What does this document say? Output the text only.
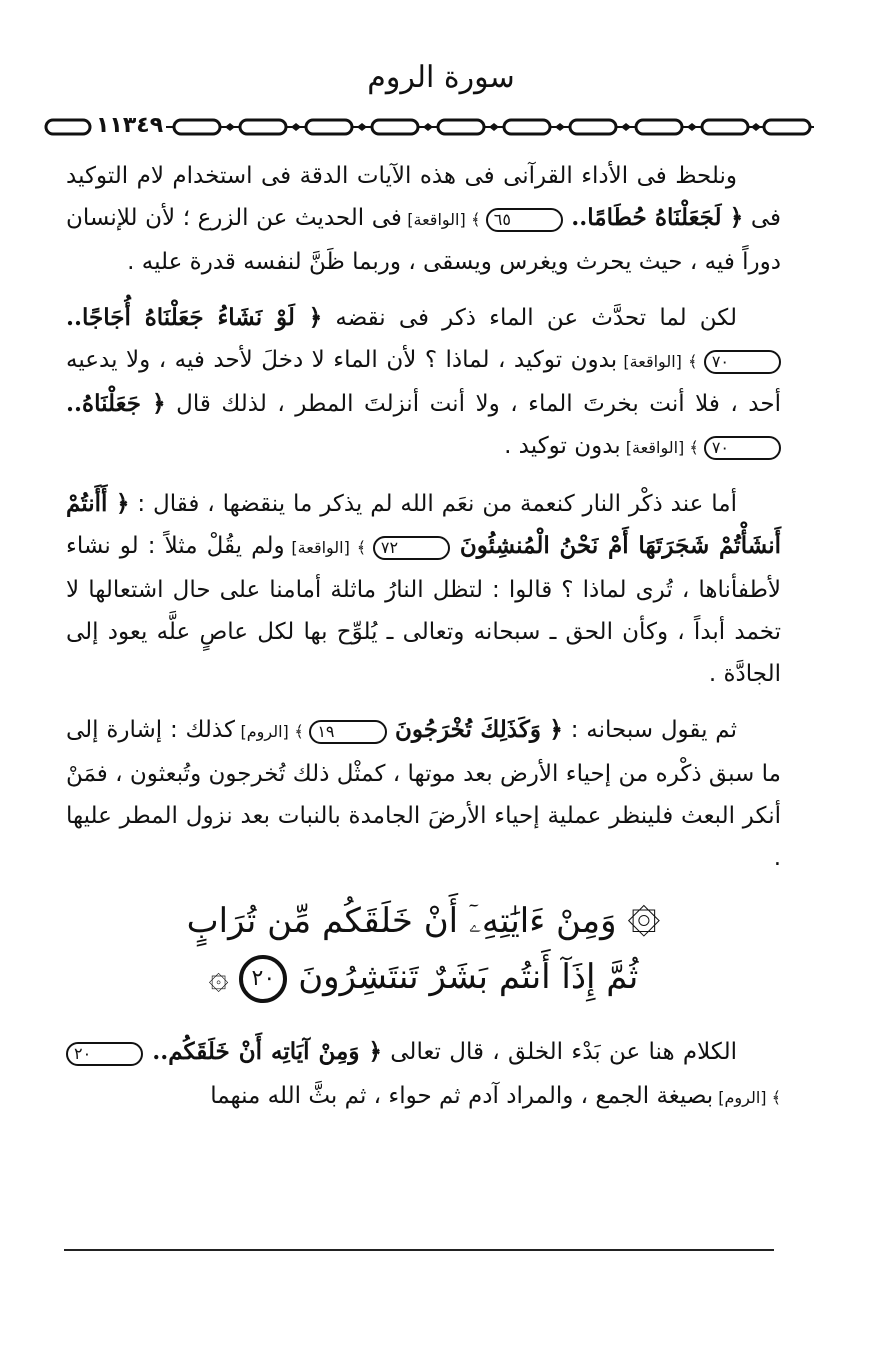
سورة الروم
١١٣٤٩

ونلحظ فى الأداء القرآنى فى هذه الآيات الدقة فى استخدام لام التوكيد فى ﴿ لَجَعَلْنَاهُ حُطَامًا.. ٦٥ ﴾ [الواقعة] فى الحديث عن الزرع ؛ لأن للإنسان دوراً فيه ، حيث يحرث ويغرس ويسقى ، وربما ظَنَّ لنفسه قدرة عليه .

لكن لما تحدَّث عن الماء ذكر فى نقضه ﴿ لَوْ نَشَاءُ جَعَلْنَاهُ أُجَاجًا.. ٧٠ ﴾ [الواقعة] بدون توكيد ، لماذا ؟ لأن الماء لا دخلَ لأحد فيه ، ولا يدعيه أحد ، فلا أنت بخرتَ الماء ، ولا أنت أنزلتَ المطر ، لذلك قال ﴿ جَعَلْنَاهُ.. ٧٠ ﴾ [الواقعة] بدون توكيد .

أما عند ذكْر النار كنعمة من نعَم الله لم يذكر ما ينقضها ، فقال : ﴿ أَأَنتُمْ أَنشَأْتُمْ شَجَرَتَهَا أَمْ نَحْنُ الْمُنشِئُونَ ٧٢ ﴾ [الواقعة] ولم يقُلْ مثلاً : لو نشاء لأطفأناها ، تُرى لماذا ؟ قالوا : لتظل النارُ ماثلة أمامنا على حال اشتعالها لا تخمد أبداً ، وكأن الحق ـ سبحانه وتعالى ـ يُلوِّح بها لكل عاصٍ علَّه يعود إلى الجادَّة .

ثم يقول سبحانه : ﴿ وَكَذَلِكَ تُخْرَجُونَ ١٩ ﴾ [الروم] كذلك : إشارة إلى ما سبق ذكْره من إحياء الأرض بعد موتها ، كمثْل ذلك تُخرجون وتُبعثون ، فمَنْ أنكر البعث فلينظر عملية إحياء الأرضَ الجامدة بالنبات بعد نزول المطر عليها .

۞ وَمِنْ ءَايَٰتِهِۦٓ أَنْ خَلَقَكُم مِّن تُرَابٍ
ثُمَّ إِذَآ أَنتُم بَشَرٌ تَنتَشِرُونَ ٢٠ ۞

الكلام هنا عن بَدْء الخلق ، قال تعالى ﴿ وَمِنْ آيَاتِه أَنْ خَلَقَكُم.. ٢٠ ﴾ [الروم] بصيغة الجمع ، والمراد آدم ثم حواء ، ثم بثَّ الله منهما
